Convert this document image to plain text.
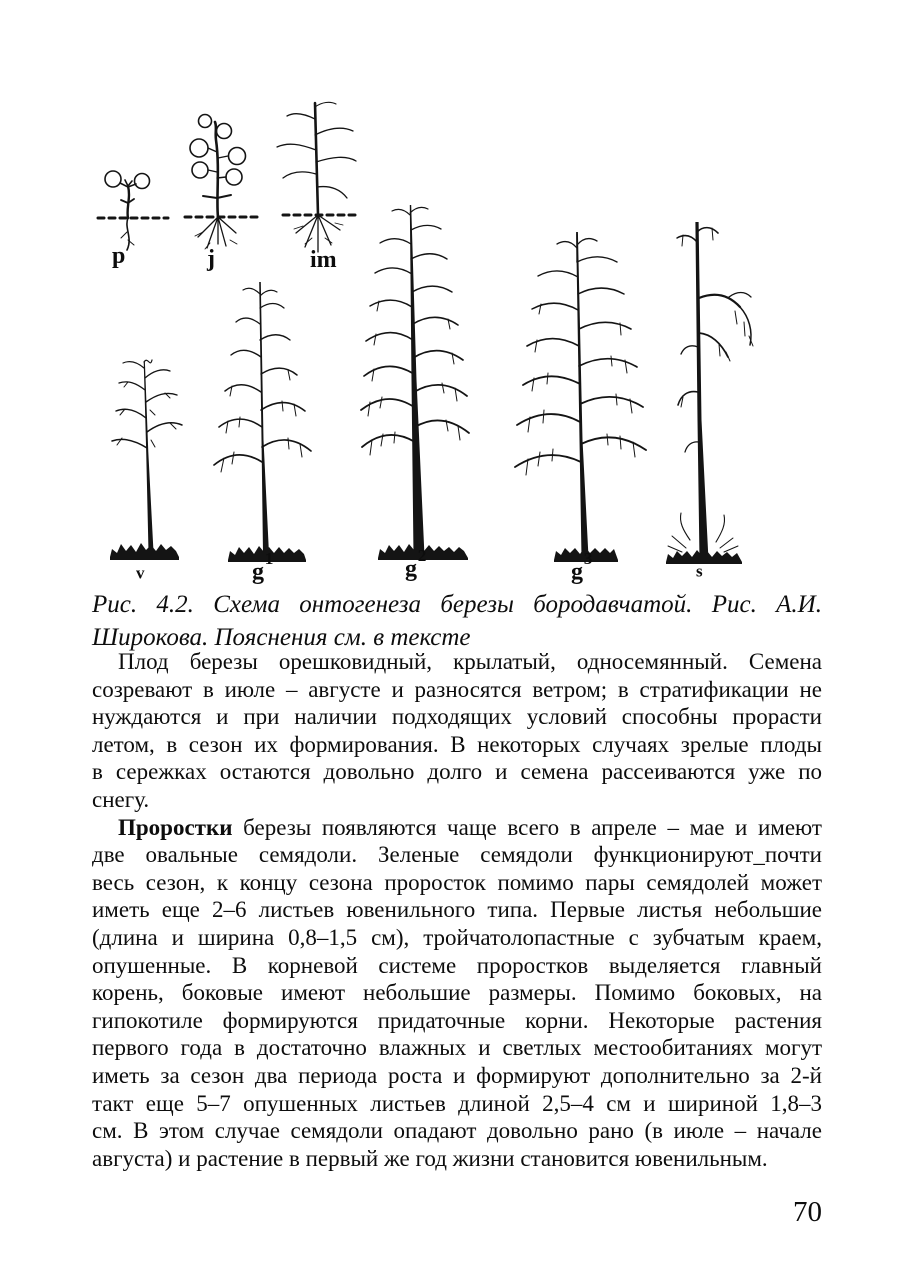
p	j	im
v	$g^1$	$g^2$
$g^3$
s
Рис. 4.2. Схема онтогенеза березы бородавчатой. Рис. А.И.
Широкова. Пояснения см. в тексте
Плод березы орешковидный, крылатый, односемянный. Семена
созревают в июле – августе и разносятся ветром; в стратификации не
нуждаются и при наличии подходящих условий способны прорасти
летом, в сезон их формирования. В некоторых случаях зрелые плоды
в сережках остаются довольно долго и семена рассеиваются уже по
снегу.
Проростки березы появляются чаще всего в апреле – мае и имеют
две овальные семядоли. Зеленые семядоли функционируют_почти
весь сезон, к концу сезона проросток помимо пары семядолей может
иметь еще 2–6 листьев ювенильного типа. Первые листья небольшие
(длина и ширина 0,8–1,5 см), тройчатолопастные с зубчатым краем,
опушенные. В корневой системе проростков выделяется главный
корень, боковые имеют небольшие размеры. Помимо боковых, на
гипокотиле формируются придаточные корни. Некоторые растения
первого года в достаточно влажных и светлых местообитаниях могут
иметь за сезон два периода роста и формируют дополнительно за 2-й
такт еще 5–7 опушенных листьев длиной 2,5–4 см и шириной 1,8–3
см. В этом случае семядоли опадают довольно рано (в июле – начале
августа) и растение в первый же год жизни становится ювенильным.
70
